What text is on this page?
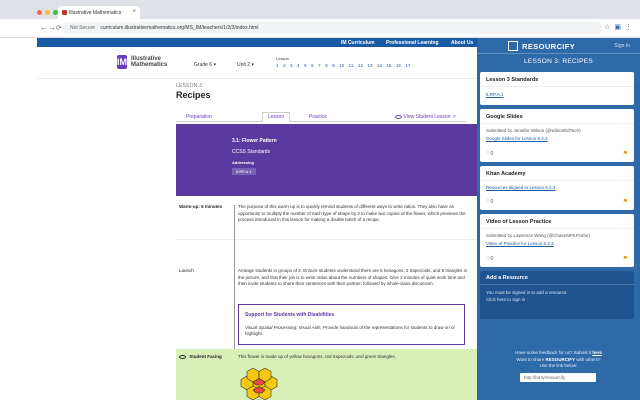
Illustrative Mathematics ×
← → ⟳	Not Secure curriculum.illustrativemathematics.org/MS_IM/teachers/1/2/3/index.html	☆ ▣ ⋮
IM Curriculum Professional Learning About Us
IM Illustrative
Mathematics	Grade 6 ▾	Unit 2 ▾
Lesson
1 2 3 4 5 6 7 8 9 10 11 12 13 14 15 16 17
LESSON 3
Recipes
Preparation	Lesson	Practice	View Student Lesson ↗
3.1: Flower Pattern
CCSS Standards
Addressing
6.RP.A.1
Warm-up: 5 minutes	The purpose of this warm-up is to quickly remind students of different ways to write ratios. They also have an opportunity to multiply the number of each type of shape by 2 to make two copies of the flower, which previews the process introduced in this lesson for making a double batch of a recipe.
Launch	Arrange students in groups of 2. Ensure students understand there are 6 hexagons, 2 trapezoids, and 9 triangles in the picture, and that their job is to write ratios about the numbers of shapes. Give 2 minutes of quiet work time and then invite students to share their sentences with their partner, followed by whole-class discussion.
Support for Students with Disabilities
Visual-Spatial Processing: Visual Aids. Provide handouts of the representations for students to draw on or highlight.
Student Facing	This flower is made up of yellow hexagons, red trapezoids, and green triangles.
RESOURCIFY	Sign In
LESSON 3: RECIPES
Lesson 3 Standards
6.RP.A.1
Google Slides
Submitted by Jennifer Wilson (@wilsonEdTech)
Google Slides for Lesson 6.2.3
♡0	⚑
Khan Academy
Resources aligned to Lesson 6.2.3
♡0	⚑
Video of Lesson Practice
Submitted by Lawrence Wang (@ChaseMFKFtothe)
Video of Practice for Lesson 6.2.3
♡0	⚑
Add a Resource
You must be signed in to add a resource.
Click here to sign in
Have some feedback for us? Submit it here
Want to share RESOURCIFY with others?
Use the link below:
http://bit.ly/resourcify
